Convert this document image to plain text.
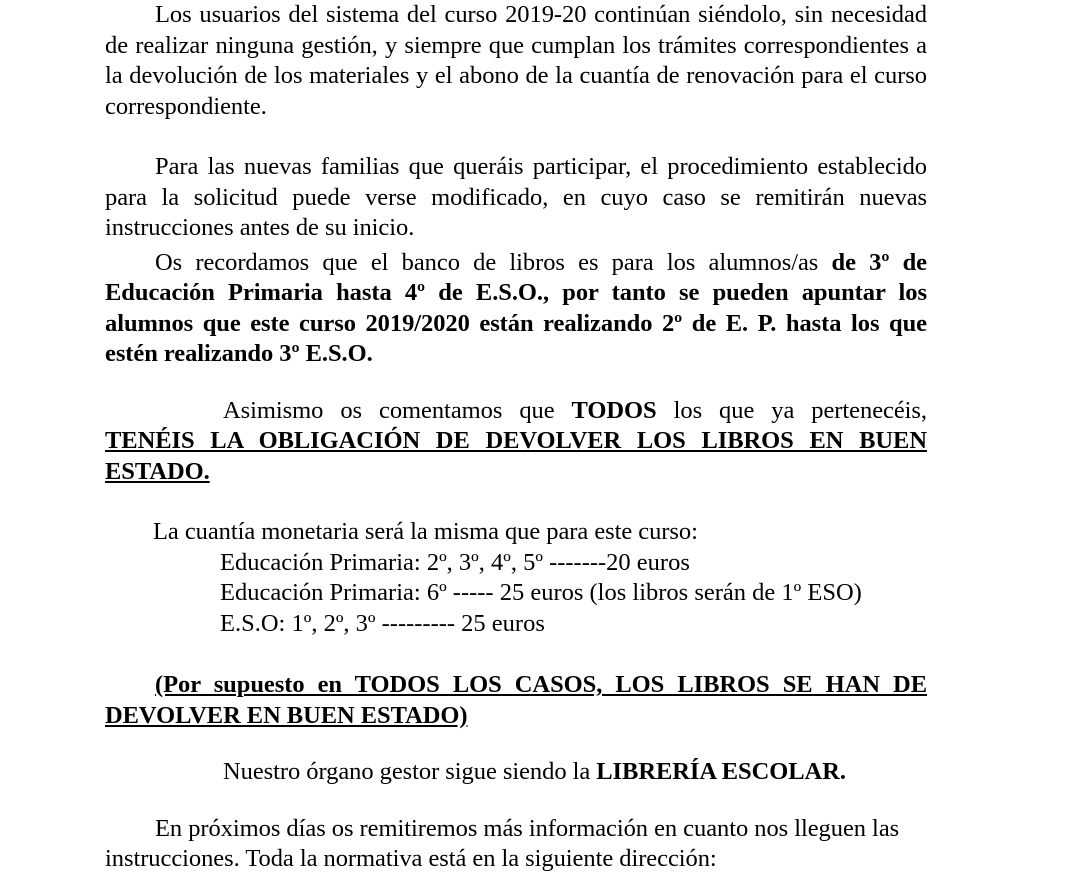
Los usuarios del sistema del curso 2019-20 continúan siéndolo, sin necesidad de realizar ninguna gestión, y siempre que cumplan los trámites correspondientes a la devolución de los materiales y el abono de la cuantía de renovación para el curso correspondiente.

Para las nuevas familias que queráis participar, el procedimiento establecido para la solicitud puede verse modificado, en cuyo caso se remitirán nuevas instrucciones antes de su inicio.

Os recordamos que el banco de libros es para los alumnos/as de 3º de Educación Primaria hasta 4º de E.S.O., por tanto se pueden apuntar los alumnos que este curso 2019/2020 están realizando 2º de E. P. hasta los que estén realizando 3º E.S.O.

Asimismo os comentamos que TODOS los que ya pertenecéis, TENÉIS LA OBLIGACIÓN DE DEVOLVER LOS LIBROS EN BUEN ESTADO.

La cuantía monetaria será la misma que para este curso:

Educación Primaria: 2º, 3º, 4º, 5º -------20 euros
Educación Primaria: 6º ----- 25 euros (los libros serán de 1º ESO)
E.S.O: 1º, 2º, 3º --------- 25 euros

(Por supuesto en TODOS LOS CASOS, LOS LIBROS SE HAN DE DEVOLVER EN BUEN ESTADO)

Nuestro órgano gestor sigue siendo la LIBRERÍA ESCOLAR.

En próximos días os remitiremos más información en cuanto nos lleguen las instrucciones. Toda la normativa está en la siguiente dirección:
